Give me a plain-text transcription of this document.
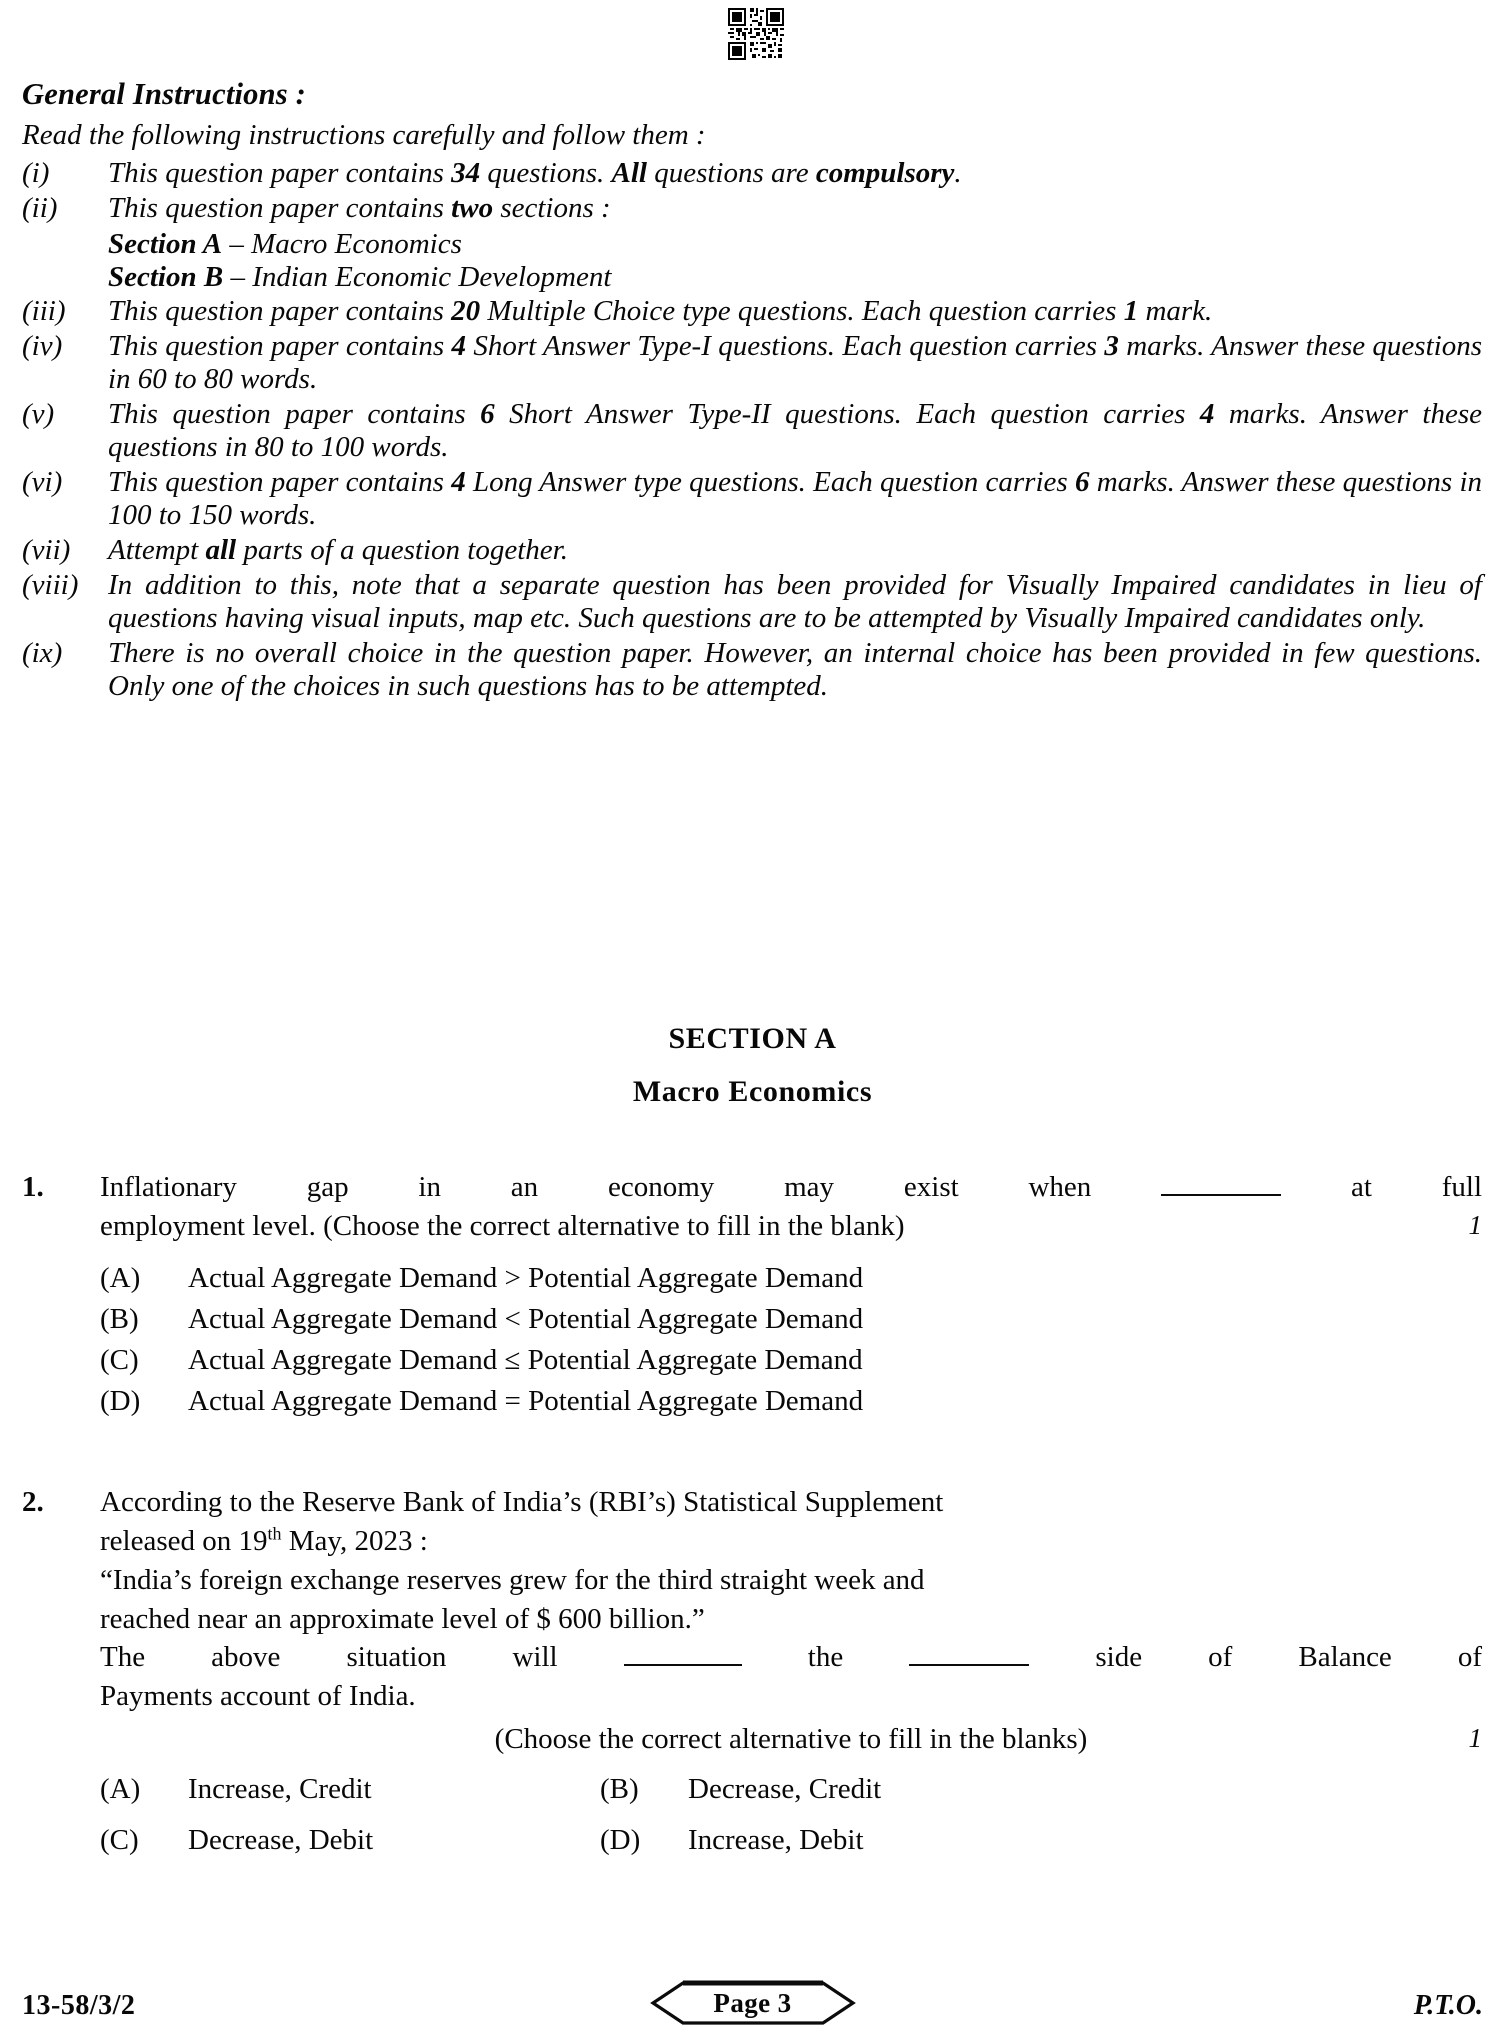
General Instructions :
Read the following instructions carefully and follow them :
(i)	This question paper contains 34 questions. All questions are compulsory.
(ii)	This question paper contains two sections :
Section A – Macro Economics
Section B – Indian Economic Development
(iii)	This question paper contains 20 Multiple Choice type questions. Each question carries 1 mark.
(iv)	This question paper contains 4 Short Answer Type-I questions. Each question carries 3 marks. Answer these questions in 60 to 80 words.
(v)	This question paper contains 6 Short Answer Type-II questions. Each question carries 4 marks. Answer these questions in 80 to 100 words.
(vi)	This question paper contains 4 Long Answer type questions. Each question carries 6 marks. Answer these questions in 100 to 150 words.
(vii)	Attempt all parts of a question together.
(viii)	In addition to this, note that a separate question has been provided for Visually Impaired candidates in lieu of questions having visual inputs, map etc. Such questions are to be attempted by Visually Impaired candidates only.
(ix)	There is no overall choice in the question paper. However, an internal choice has been provided in few questions. Only one of the choices in such questions has to be attempted.
SECTION A
Macro Economics
1.	Inflationary gap in an economy may exist when	at full
employment level. (Choose the correct alternative to fill in the blank)	1
(A)	Actual Aggregate Demand > Potential Aggregate Demand
(B)	Actual Aggregate Demand < Potential Aggregate Demand
(C)	Actual Aggregate Demand ≤ Potential Aggregate Demand
(D)	Actual Aggregate Demand = Potential Aggregate Demand
2.	According to the Reserve Bank of India’s (RBI’s) Statistical Supplement
released on 19th May, 2023 :
“India’s foreign exchange reserves grew for the third straight week and
reached near an approximate level of $ 600 billion.”
The above situation will	the	side of Balance of
Payments account of India.
(Choose the correct alternative to fill in the blanks)	1
(A)	Increase, Credit	(B)	Decrease, Credit
(C)	Decrease, Debit	(D)	Increase, Debit
13-58/3/2	Page 3	P.T.O.
